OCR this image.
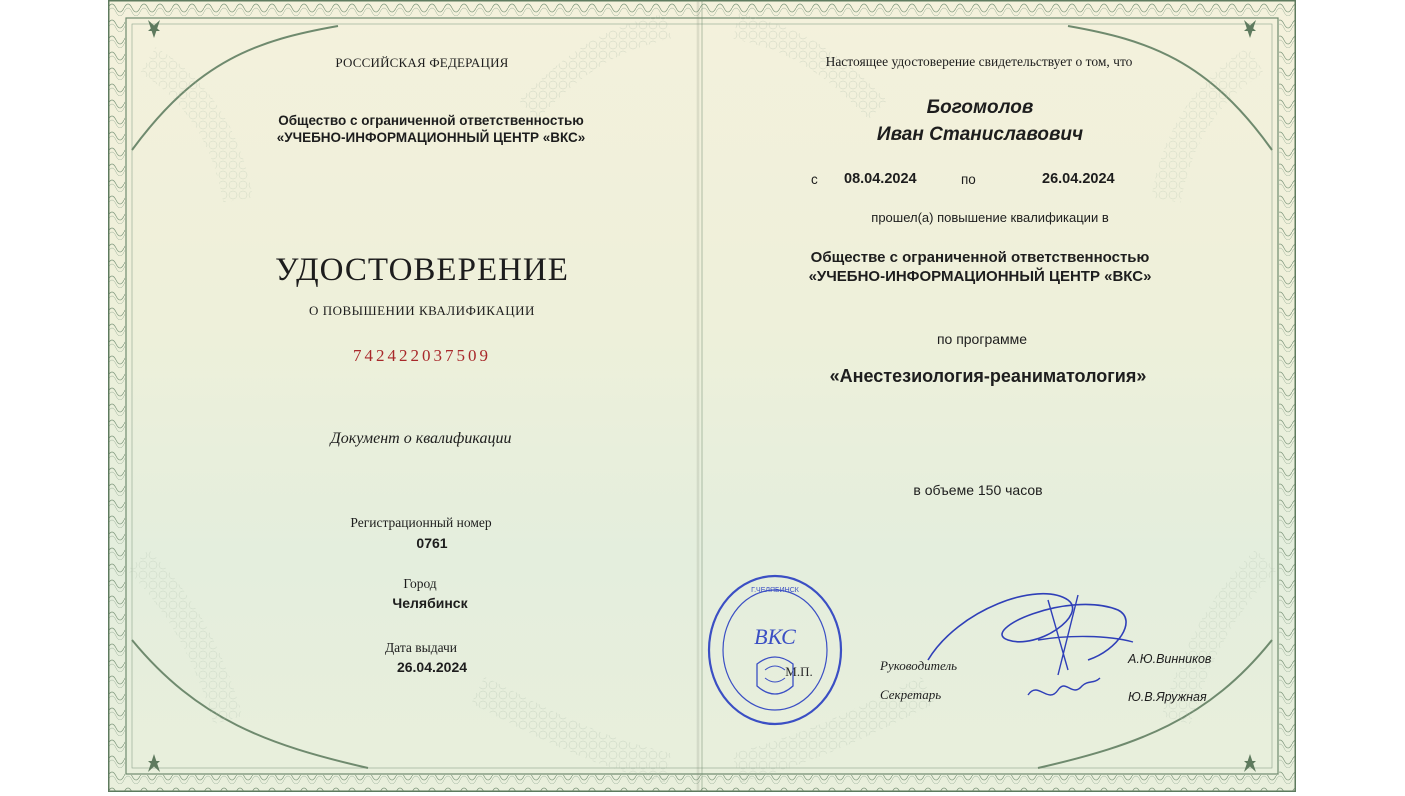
РОССИЙСКАЯ ФЕДЕРАЦИЯ
Общество с ограниченной ответственностью
«УЧЕБНО-ИНФОРМАЦИОННЫЙ ЦЕНТР «ВКС»
УДОСТОВЕРЕНИЕ
О ПОВЫШЕНИИ КВАЛИФИКАЦИИ
742422037509
Документ о квалификации
Регистрационный номер
0761
Город
Челябинск
Дата выдачи
26.04.2024
Настоящее удостоверение свидетельствует о том, что
Богомолов
Иван Станиславович
с 08.04.2024	по	26.04.2024
прошел(а) повышение квалификации в
Обществе с ограниченной ответственностью
«УЧЕБНО-ИНФОРМАЦИОННЫЙ ЦЕНТР «ВКС»
по программе
«Анестезиология-реаниматология»
в объеме 150 часов
Г.ЧЕЛЯБИНСК
ВКС
М.П.	Руководитель	А.Ю.Винников
Секретарь	Ю.В.Яружная
